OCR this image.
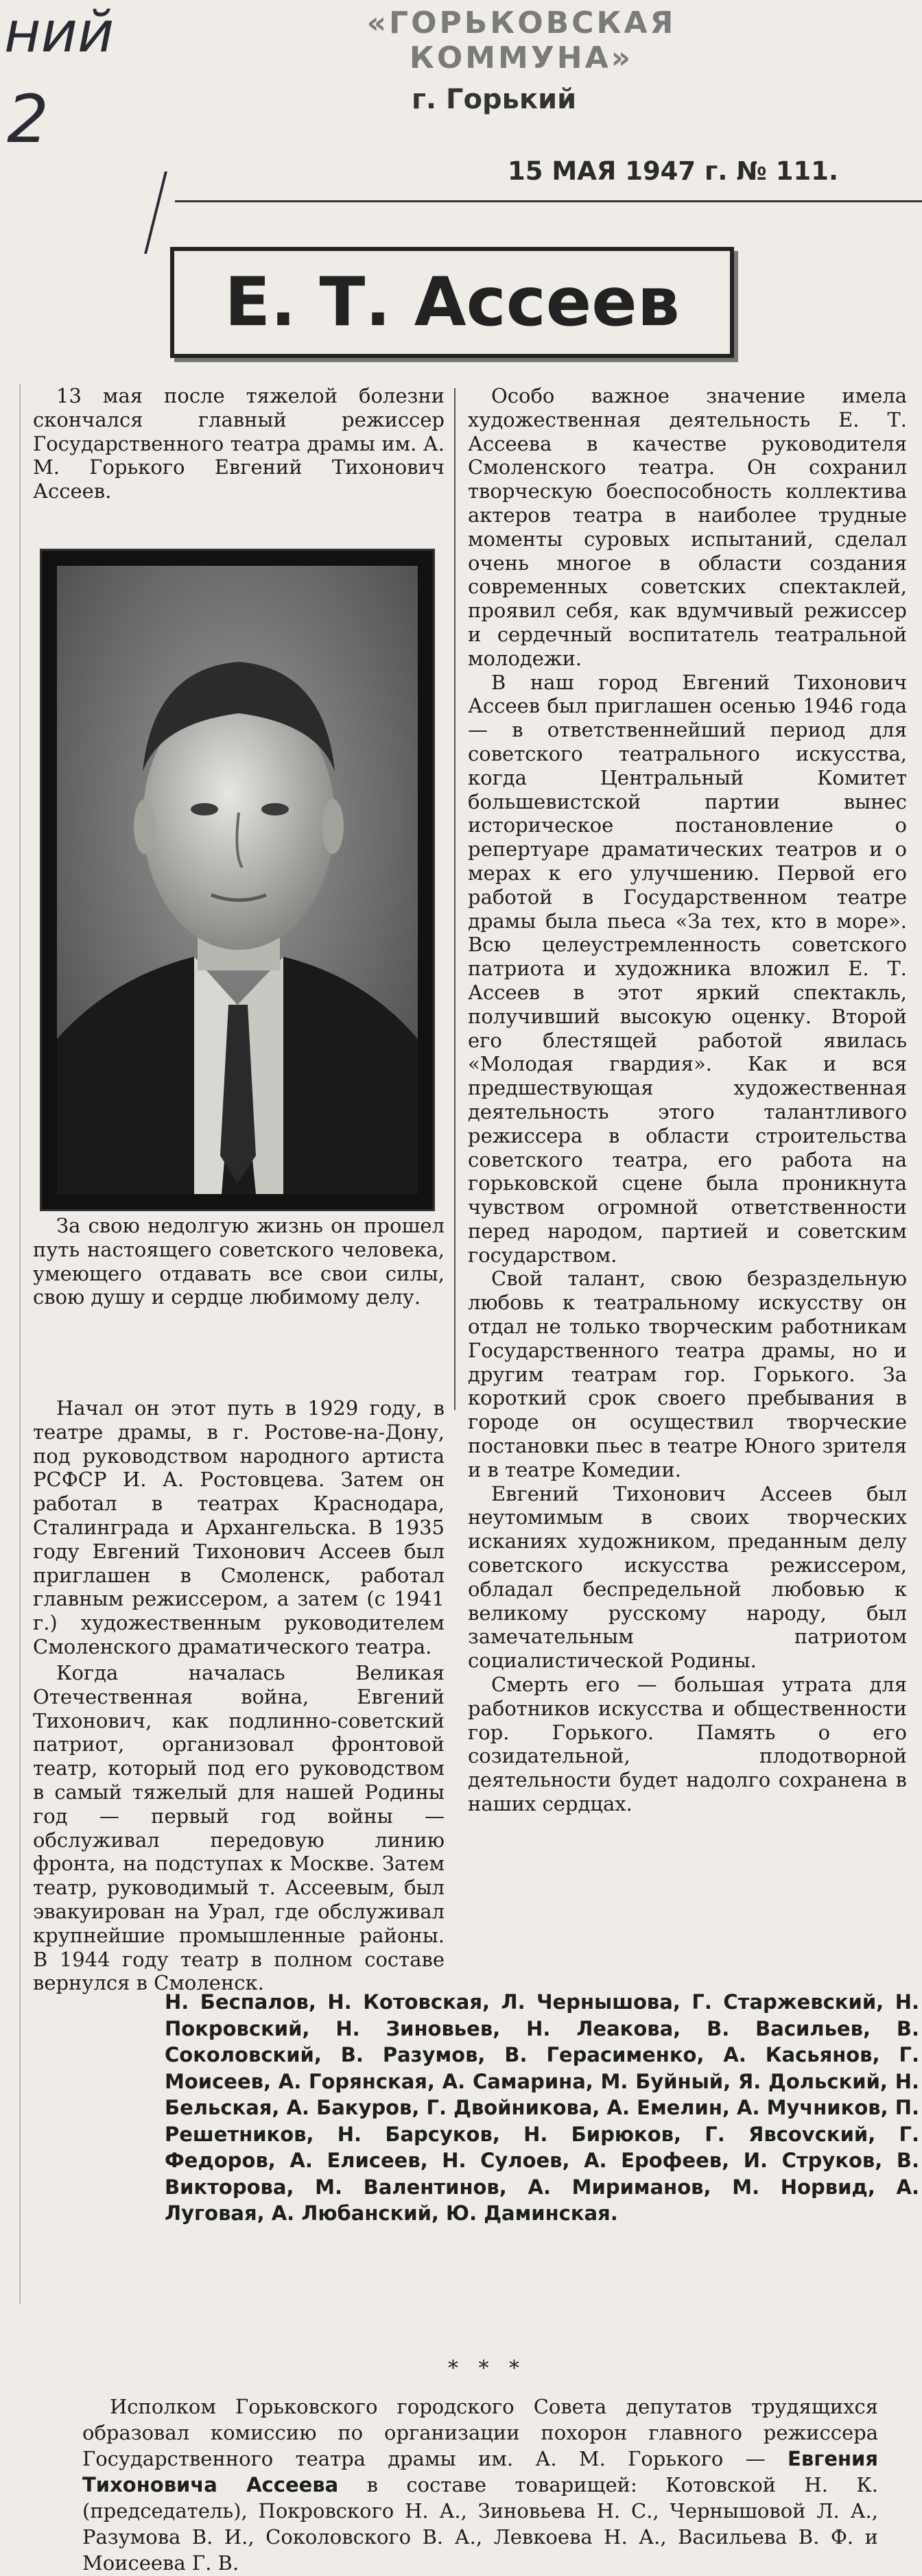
ний
2
«ГОРЬКОВСКАЯ КОММУНА»
г. Горький
15 МАЯ 1947 г. № 111.
Е. Т. Ассеев

13 мая после тяжелой болезни скончался главный режиссер Государственного театра драмы им. А. М. Горького Евгений Тихонович Ассеев.

За свою недолгую жизнь он прошел путь настоящего советского человека, умеющего отдавать все свои силы, свою душу и сердце любимому делу.

Начал он этот путь в 1929 году, в театре драмы, в г. Ростове-на-Дону, под руководством народного артиста РСФСР И. А. Ростовцева. Затем он работал в театрах Краснодара, Сталинграда и Архангельска. В 1935 году Евгений Тихонович Ассеев был приглашен в Смоленск, работал главным режиссером, а затем (с 1941 г.) художественным руководителем Смоленского драматического театра.

Когда началась Великая Отечественная война, Евгений Тихонович, как подлинно-советский патриот, организовал фронтовой театр, который под его руководством в самый тяжелый для нашей Родины год — первый год войны — обслуживал передовую линию фронта, на подступах к Москве. Затем театр, руководимый т. Ассеевым, был эвакуирован на Урал, где обслуживал крупнейшие промышленные районы. В 1944 году театр в полном составе вернулся в Смоленск.

Особо важное значение имела художественная деятельность Е. Т. Ассеева в качестве руководителя Смоленского театра. Он сохранил творческую боеспособность коллектива актеров театра в наиболее трудные моменты суровых испытаний, сделал очень многое в области создания современных советских спектаклей, проявил себя, как вдумчивый режиссер и сердечный воспитатель театральной молодежи.

В наш город Евгений Тихонович Ассеев был приглашен осенью 1946 года — в ответственнейший период для советского театрального искусства, когда Центральный Комитет большевистской партии вынес историческое постановление о репертуаре драматических театров и о мерах к его улучшению. Первой его работой в Государственном театре драмы была пьеса «За тех, кто в море». Всю целеустремленность советского патриота и художника вложил Е. Т. Ассеев в этот яркий спектакль, получивший высокую оценку. Второй его блестящей работой явилась «Молодая гвардия». Как и вся предшествующая художественная деятельность этого талантливого режиссера в области строительства советского театра, его работа на горьковской сцене была проникнута чувством огромной ответственности перед народом, партией и советским государством.

Свой талант, свою безраздельную любовь к театральному искусству он отдал не только творческим работникам Государственного театра драмы, но и другим театрам гор. Горького. За короткий срок своего пребывания в городе он осуществил творческие постановки пьес в театре Юного зрителя и в театре Комедии.

Евгений Тихонович Ассеев был неутомимым в своих творческих исканиях художником, преданным делу советского искусства режиссером, обладал беспредельной любовью к великому русскому народу, был замечательным патриотом социалистической Родины.

Смерть его — большая утрата для работников искусства и общественности гор. Горького. Память о его созидательной, плодотворной деятельности будет надолго сохранена в наших сердцах.

Н. Беспалов, Н. Котовская, Л. Чернышова, Г. Старжевский, Н. Покровский, Н. Зиновьев, Н. Леакова, В. Васильев, В. Соколовский, В. Разумов, В. Герасименко, А. Касьянов, Г. Моисеев, А. Горянская, А. Самарина, М. Буйный, Я. Дольский, Н. Бельская, А. Бакуров, Г. Двойникова, А. Емелин, А. Мучников, П. Решетников, Н. Барсуков, Н. Бирюков, Г. Явcovский, Г. Федоров, А. Елисеев, Н. Сулоев, А. Ерофеев, И. Струков, В. Викторова, М. Валентинов, А. Мириманов, М. Норвид, А. Луговая, А. Любанский, Ю. Даминская.
* * *
Исполком Горьковского городского Совета депутатов трудящихся образовал комиссию по организации похорон главного режиссера Государственного театра драмы им. А. М. Горького — Евгения Тихоновича Ассеева в составе товарищей: Котовской Н. К. (председатель), Покровского Н. А., Зиновьева Н. С., Чернышовой Л. А., Разумова В. И., Соколовского В. А., Левкоева Н. А., Васильева В. Ф. и Моисеева Г. В.
